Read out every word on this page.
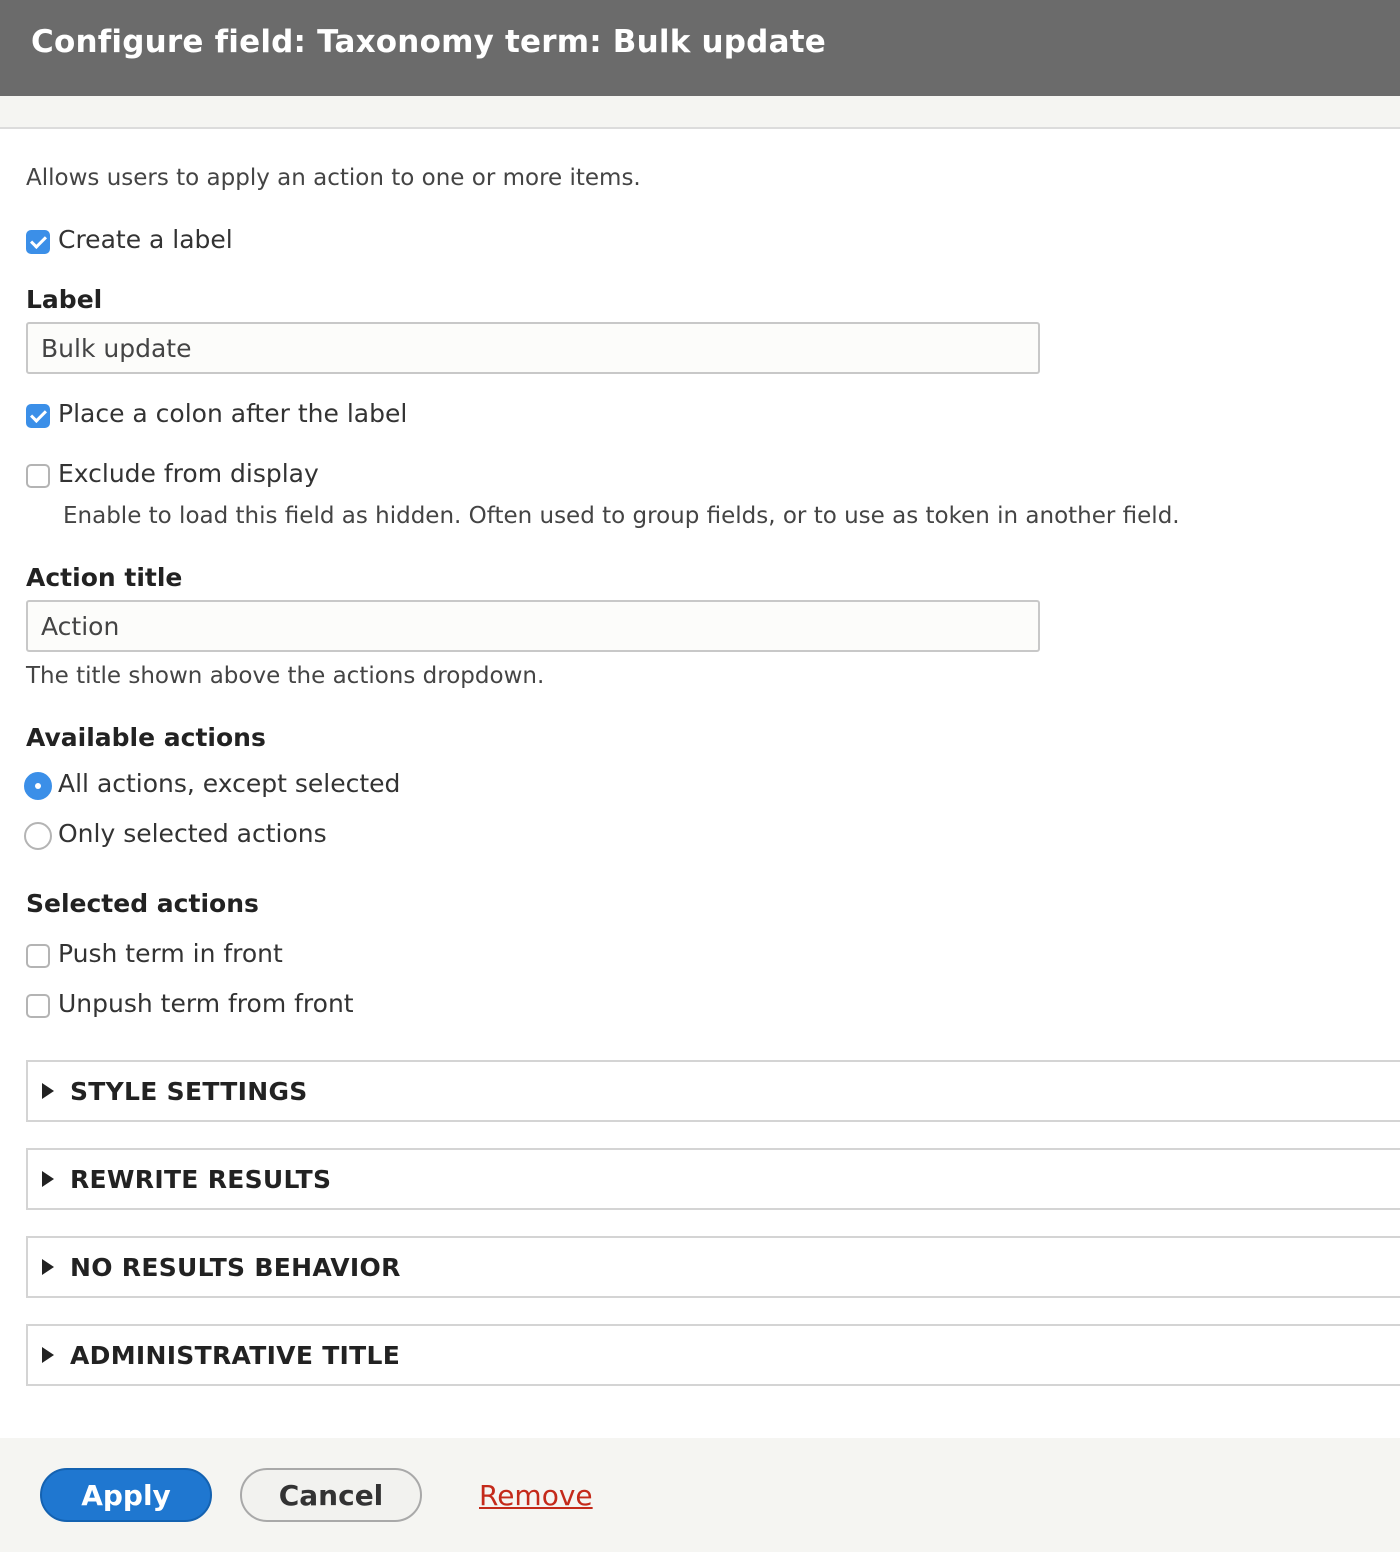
Configure field: Taxonomy term: Bulk update
Allows users to apply an action to one or more items.
Create a label
Label
Bulk update
Place a colon after the label
Exclude from display
Enable to load this field as hidden. Often used to group fields, or to use as token in another field.
Action title
Action
The title shown above the actions dropdown.
Available actions
All actions, except selected
Only selected actions
Selected actions
Push term in front
Unpush term from front
STYLE SETTINGS
REWRITE RESULTS
NO RESULTS BEHAVIOR
ADMINISTRATIVE TITLE
Apply	Cancel	Remove
